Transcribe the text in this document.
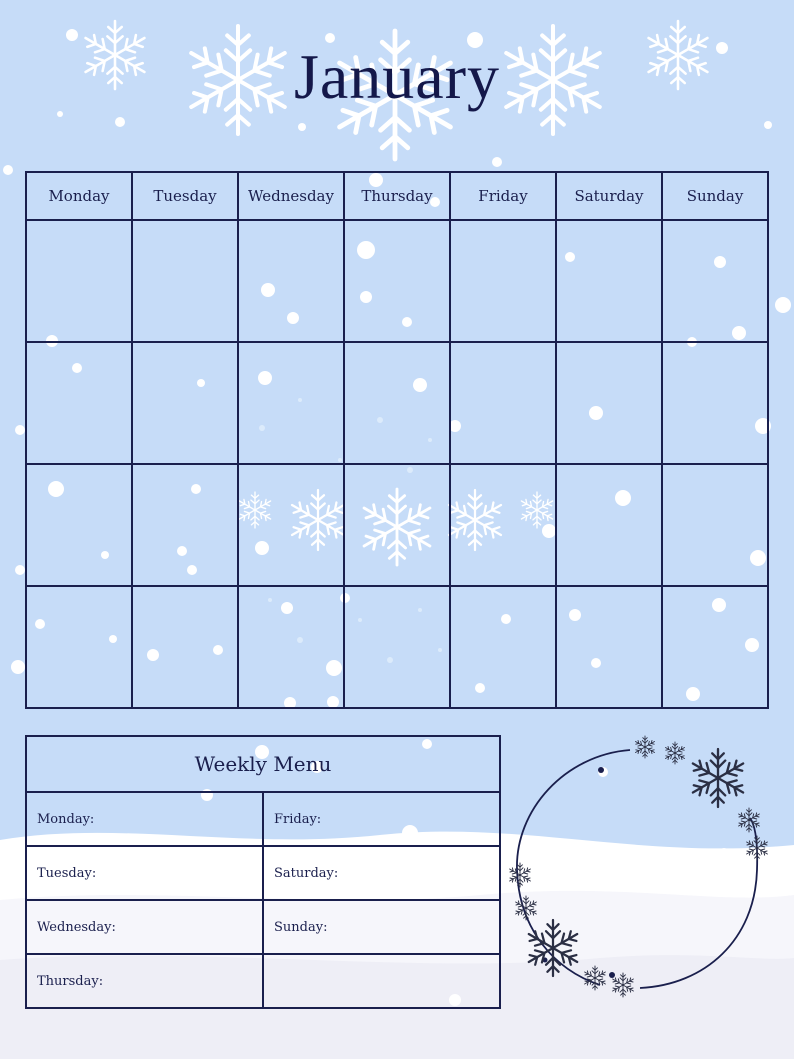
January
Monday	Tuesday	Wednesday	Thursday	Friday	Saturday	Sunday

Weekly Menu	
Monday:	Friday:
Tuesday:	Saturday:
Wednesday:	Sunday:
Thursday:	
